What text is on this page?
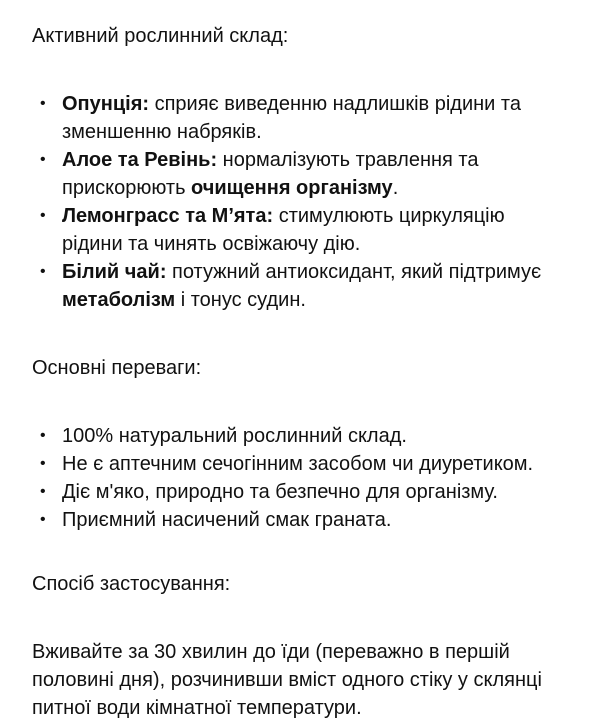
Активний рослинний склад:

• Опунція: сприяє виведенню надлишків рідини та зменшенню набряків.
• Алое та Ревінь: нормалізують травлення та прискорюють очищення організму.
• Лемонграсс та М’ята: стимулюють циркуляцію рідини та чинять освіжаючу дію.
• Білий чай: потужний антиоксидант, який підтримує метаболізм і тонус судин.

Основні переваги:

• 100% натуральний рослинний склад.
• Не є аптечним сечогінним засобом чи диуретиком.
• Діє м'яко, природно та безпечно для організму.
• Приємний насичений смак граната.

Спосіб застосування:

Вживайте за 30 хвилин до їди (переважно в першій половині дня), розчинивши вміст одного стіку у склянці питної води кімнатної температури.
